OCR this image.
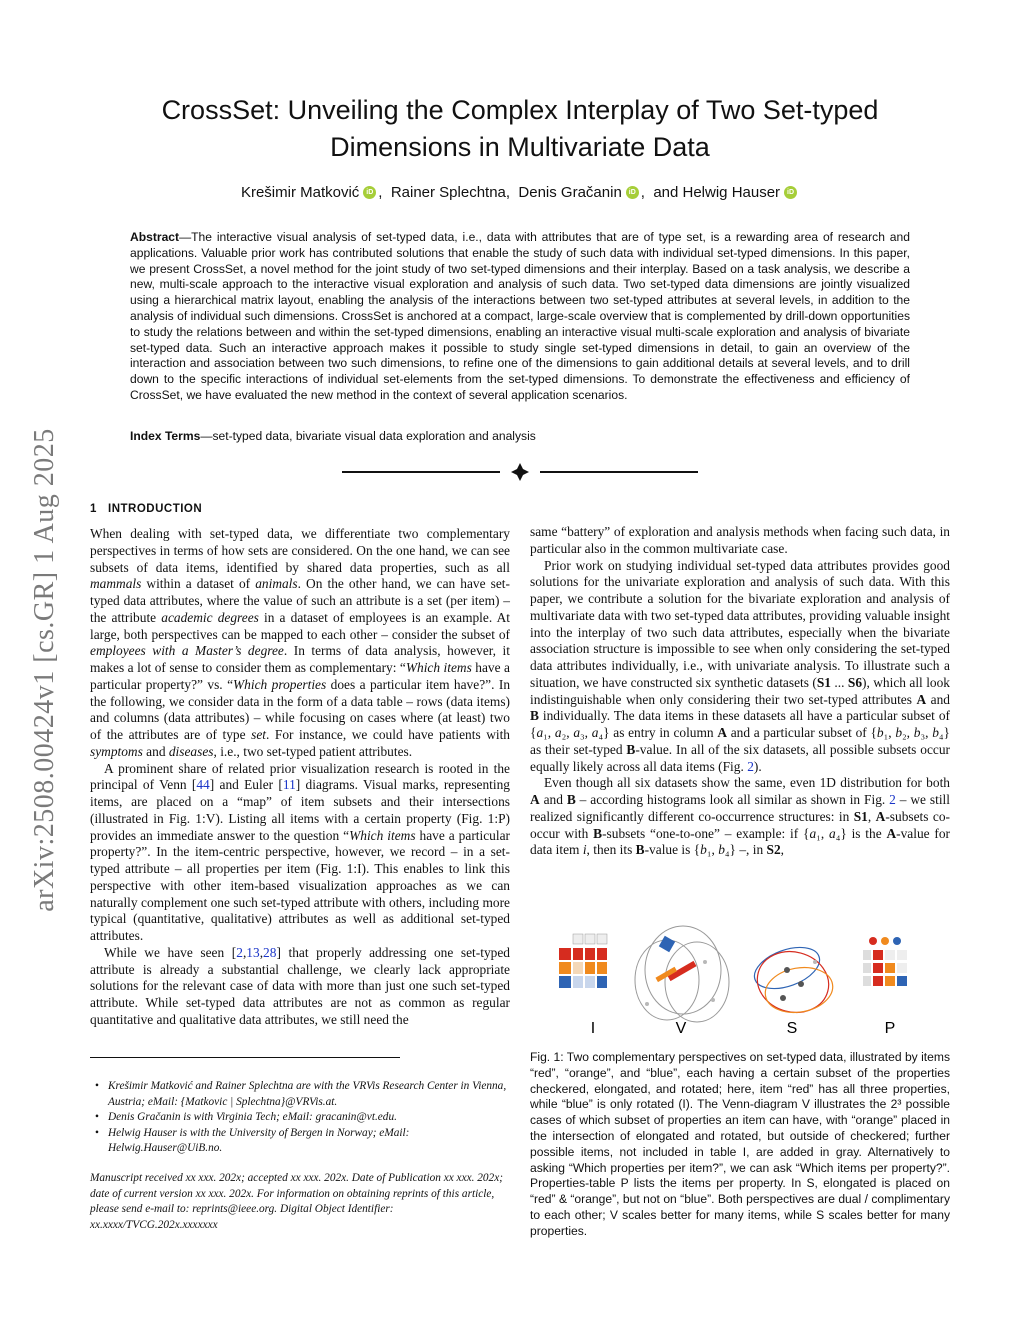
arXiv:2508.00424v1 [cs.GR] 1 Aug 2025
CrossSet: Unveiling the Complex Interplay of Two Set-typed Dimensions in Multivariate Data
Krešimir Matković iD ,  Rainer Splechtna,  Denis Gračanin iD ,  and Helwig Hauser iD
Abstract—The interactive visual analysis of set-typed data, i.e., data with attributes that are of type set, is a rewarding area of research and applications. Valuable prior work has contributed solutions that enable the study of such data with individual set-typed dimensions. In this paper, we present CrossSet, a novel method for the joint study of two set-typed dimensions and their interplay. Based on a task analysis, we describe a new, multi-scale approach to the interactive visual exploration and analysis of such data. Two set-typed data dimensions are jointly visualized using a hierarchical matrix layout, enabling the analysis of the interactions between two set-typed attributes at several levels, in addition to the analysis of individual such dimensions. CrossSet is anchored at a compact, large-scale overview that is complemented by drill-down opportunities to study the relations between and within the set-typed dimensions, enabling an interactive visual multi-scale exploration and analysis of bivariate set-typed data. Such an interactive approach makes it possible to study single set-typed dimensions in detail, to gain an overview of the interaction and association between two such dimensions, to refine one of the dimensions to gain additional details at several levels, and to drill down to the specific interactions of individual set-elements from the set-typed dimensions. To demonstrate the effectiveness and efficiency of CrossSet, we have evaluated the new method in the context of several application scenarios.
Index Terms—set-typed data, bivariate visual data exploration and analysis
1 INTRODUCTION

When dealing with set-typed data, we differentiate two complementary perspectives in terms of how sets are considered. On the one hand, we can see subsets of data items, identified by shared data properties, such as all mammals within a dataset of animals. On the other hand, we can have set-typed data attributes, where the value of such an attribute is a set (per item) – the attribute academic degrees in a dataset of employees is an example. At large, both perspectives can be mapped to each other – consider the subset of employees with a Master’s degree. In terms of data analysis, however, it makes a lot of sense to consider them as complementary: “Which items have a particular property?” vs. “Which properties does a particular item have?”. In the following, we consider data in the form of a data table – rows (data items) and columns (data attributes) – while focusing on cases where (at least) two of the attributes are of type set. For instance, we could have patients with symptoms and diseases, i.e., two set-typed patient attributes.

A prominent share of related prior visualization research is rooted in the principal of Venn [44] and Euler [11] diagrams. Visual marks, representing items, are placed on a “map” of item subsets and their intersections (illustrated in Fig. 1:V). Listing all items with a certain property (Fig. 1:P) provides an immediate answer to the question “Which items have a particular property?”. In the item-centric perspective, however, we record – in a set-typed attribute – all properties per item (Fig. 1:I). This enables to link this perspective with other item-based visualization approaches as we can naturally complement one such set-typed attribute with others, including more typical (quantitative, qualitative) attributes as well as additional set-typed attributes.

While we have seen [2,13,28] that properly addressing one set-typed attribute is already a substantial challenge, we clearly lack appropriate solutions for the relevant case of data with more than just one such set-typed attribute. While set-typed data attributes are not as common as regular quantitative and qualitative data attributes, we still need the

same “battery” of exploration and analysis methods when facing such data, in particular also in the common multivariate case.

Prior work on studying individual set-typed data attributes provides good solutions for the univariate exploration and analysis of such data. With this paper, we contribute a solution for the bivariate exploration and analysis of multivariate data with two set-typed data attributes, providing valuable insight into the interplay of two such data attributes, especially when the bivariate association structure is impossible to see when only considering the set-typed data attributes individually, i.e., with univariate analysis. To illustrate such a situation, we have constructed six synthetic datasets (S1 ... S6), which all look indistinguishable when only considering their two set-typed attributes A and B individually. The data items in these datasets all have a particular subset of {a₁, a₂, a₃, a₄} as entry in column A and a particular subset of {b₁, b₂, b₃, b₄} as their set-typed B-value. In all of the six datasets, all possible subsets occur equally likely across all data items (Fig. 2).

Even though all six datasets show the same, even 1D distribution for both A and B – according histograms look all similar as shown in Fig. 2 – we still realized significantly different co-occurrence structures: in S1, A-subsets co-occur with B-subsets “one-to-one” – example: if {a₁, a₄} is the A-value for data item i, then its B-value is {b₁, b₄} –, in S2,

I	S
V	P
Fig. 1: Two complementary perspectives on set-typed data, illustrated by items “red”, “orange”, and “blue”, each having a certain subset of the properties checkered, elongated, and rotated; here, item “red” has all three properties, while “blue” is only rotated (I). The Venn-diagram V illustrates the 2³ possible cases of which subset of properties an item can have, with “orange” placed in the intersection of elongated and rotated, but outside of checkered; further possible items, not included in table I, are added in gray. Alternatively to asking “Which properties per item?”, we can ask “Which items per property?”. Properties-table P lists the items per property. In S, elongated is placed on “red” & “orange”, but not on “blue”. Both perspectives are dual / complimentary to each other; V scales better for many items, while S scales better for many properties.
• Krešimir Matković and Rainer Splechtna are with the VRVis Research Center in Vienna, Austria; eMail: {Matkovic | Splechtna}@VRVis.at.
• Denis Gračanin is with Virginia Tech; eMail: gracanin@vt.edu.
• Helwig Hauser is with the University of Bergen in Norway; eMail: Helwig.Hauser@UiB.no.
Manuscript received xx xxx. 202x; accepted xx xxx. 202x. Date of Publication xx xxx. 202x; date of current version xx xxx. 202x. For information on obtaining reprints of this article, please send e-mail to: reprints@ieee.org. Digital Object Identifier: xx.xxxx/TVCG.202x.xxxxxxx
